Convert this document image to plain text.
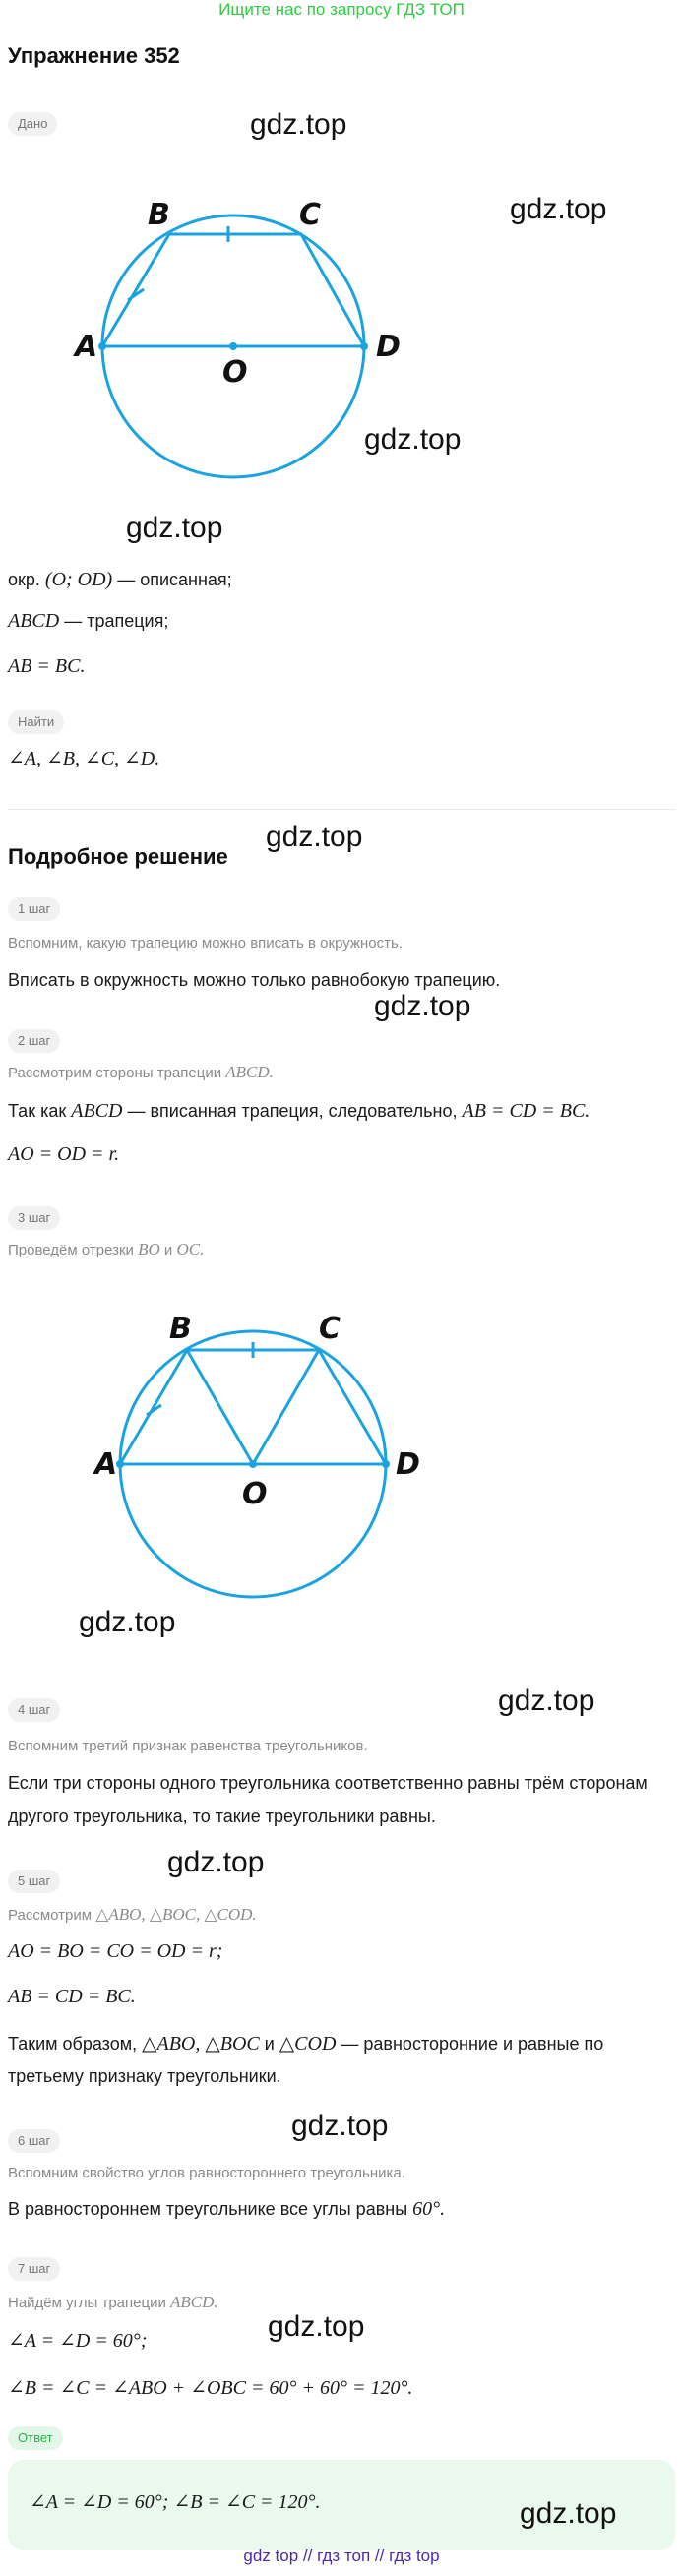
Ищите нас по запросу ГДЗ ТОП
Упражнение 352
Дано	gdz.top
gdz.top
gdz.top
gdz.top
A
B	C
D
O
окр. (O; OD) — описанная;
ABCD — трапеция;
AB = BC.
Найти
∠A, ∠B, ∠C, ∠D.
gdz.top
Подробное решение
1 шаг
Вспомним, какую трапецию можно вписать в окружность.
Вписать в окружность можно только равнобокую трапецию.
gdz.top
2 шаг
Рассмотрим стороны трапеции ABCD.
Так как ABCD — вписанная трапеция, следовательно, AB = CD = BC.
AO = OD = r.
3 шаг
Проведём отрезки BO и OC.
A
B	C
D
O
gdz.top
gdz.top
4 шаг
Вспомним третий признак равенства треугольников.
Если три стороны одного треугольника соответственно равны трём сторонам
другого треугольника, то такие треугольники равны.
gdz.top
5 шаг
Рассмотрим △ABO, △BOC, △COD.
AO = BO = CO = OD = r;
AB = CD = BC.
Таким образом, △ABO, △BOC и △COD — равносторонние и равные по
третьему признаку треугольники.
gdz.top
6 шаг
Вспомним свойство углов равностороннего треугольника.
В равностороннем треугольнике все углы равны 60°.
7 шаг
Найдём углы трапеции ABCD.
gdz.top
∠A = ∠D = 60°;
∠B = ∠C = ∠ABO + ∠OBC = 60° + 60° = 120°.
Ответ
∠A = ∠D = 60°; ∠B = ∠C = 120°.	gdz.top
gdz top // гдз топ // гдз top
